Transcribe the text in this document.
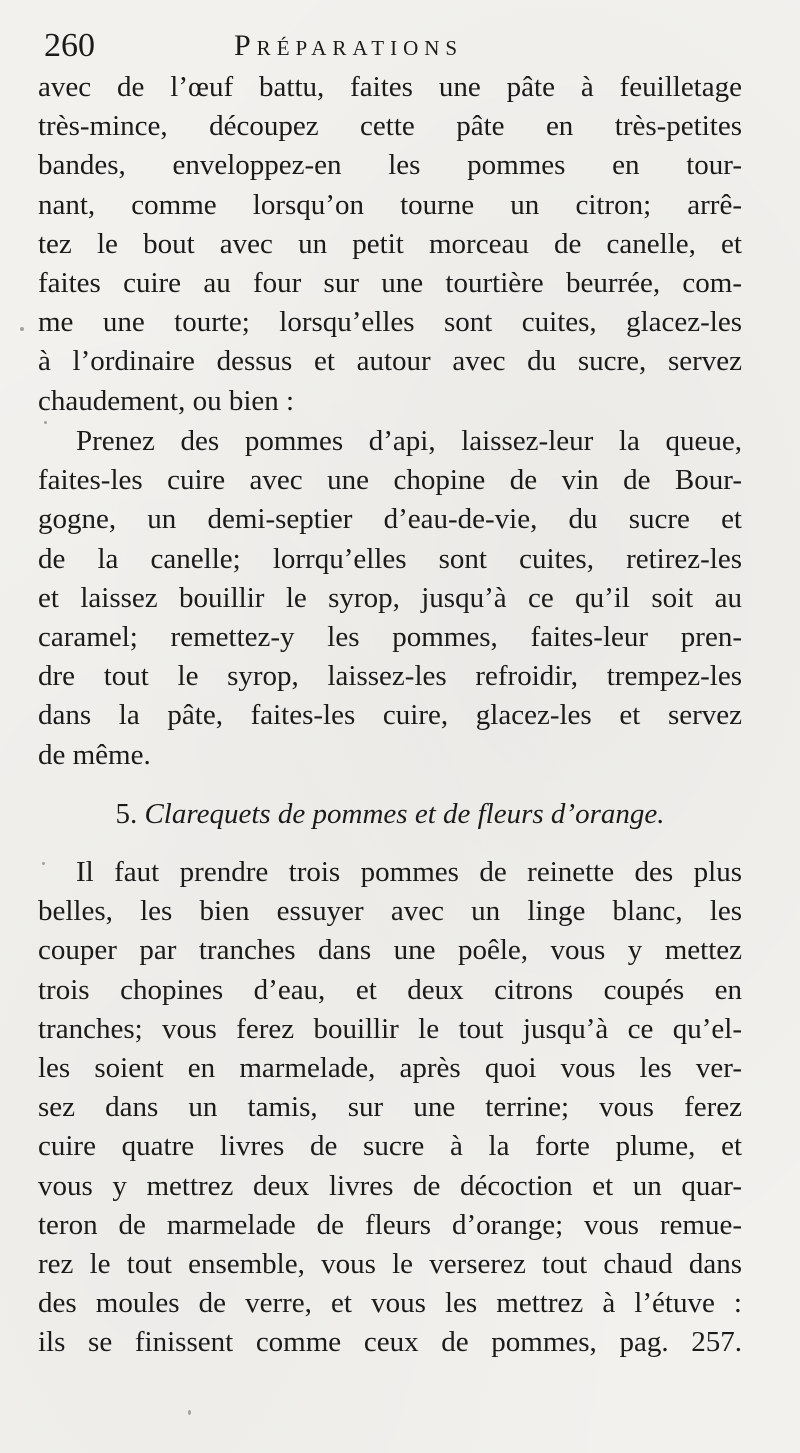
260	Préparations
avec de l’œuf battu, faites une pâte à feuilletage
très-mince, découpez cette pâte en très-petites
bandes, enveloppez-en les pommes en tour-
nant, comme lorsqu’on tourne un citron; arrê-
tez le bout avec un petit morceau de canelle, et
faites cuire au four sur une tourtière beurrée, com-
me une tourte; lorsqu’elles sont cuites, glacez-les
à l’ordinaire dessus et autour avec du sucre, servez
chaudement, ou bien :
Prenez des pommes d’api, laissez-leur la queue,
faites-les cuire avec une chopine de vin de Bour-
gogne, un demi-septier d’eau-de-vie, du sucre et
de la canelle; lorrqu’elles sont cuites, retirez-les
et laissez bouillir le syrop, jusqu’à ce qu’il soit au
caramel; remettez-y les pommes, faites-leur pren-
dre tout le syrop, laissez-les refroidir, trempez-les
dans la pâte, faites-les cuire, glacez-les et servez
de même.
5. Clarequets de pommes et de fleurs d’orange.
Il faut prendre trois pommes de reinette des plus
belles, les bien essuyer avec un linge blanc, les
couper par tranches dans une poêle, vous y mettez
trois chopines d’eau, et deux citrons coupés en
tranches; vous ferez bouillir le tout jusqu’à ce qu’el-
les soient en marmelade, après quoi vous les ver-
sez dans un tamis, sur une terrine; vous ferez
cuire quatre livres de sucre à la forte plume, et
vous y mettrez deux livres de décoction et un quar-
teron de marmelade de fleurs d’orange; vous remue-
rez le tout ensemble, vous le verserez tout chaud dans
des moules de verre, et vous les mettrez à l’étuve :
ils se finissent comme ceux de pommes, pag. 257.
